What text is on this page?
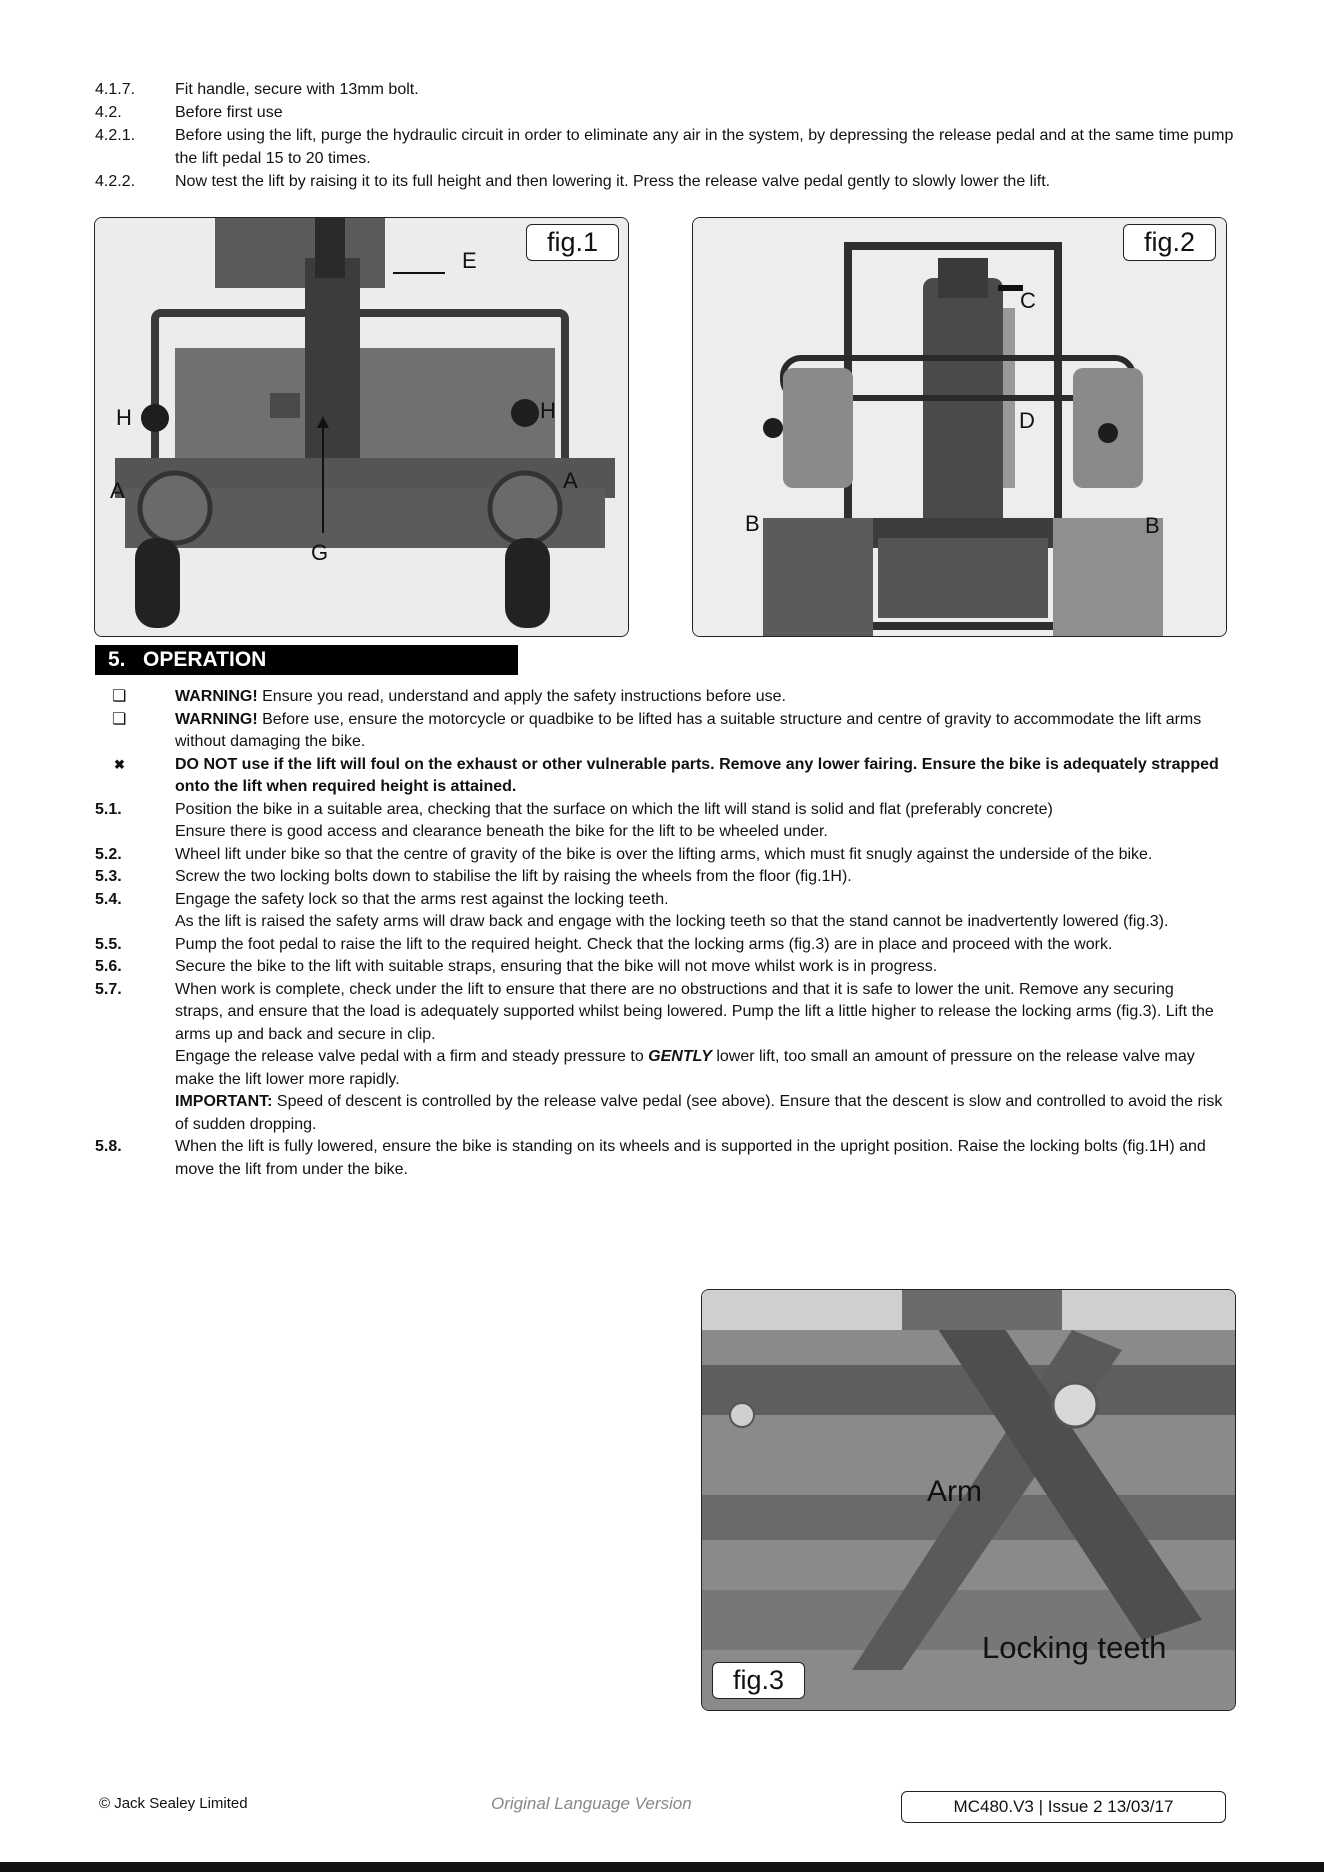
4.1.7.	Fit handle, secure with 13mm bolt.
4.2.	Before first use
4.2.1.	Before using the lift, purge the hydraulic circuit in order to eliminate any air in the system, by depressing the release pedal and at the same time pump the lift pedal 15 to 20 times.
4.2.2.	Now test the lift by raising it to its full height and then lowering it. Press the release valve pedal gently to slowly lower the lift.
fig.1
E
H	H
A	A
G
fig.2
C
D
B	B
5. OPERATION
❏	WARNING! Ensure you read, understand and apply the safety instructions before use.
❏	WARNING! Before use, ensure the motorcycle or quadbike to be lifted has a suitable structure and centre of gravity to accommodate the lift arms without damaging the bike.
✖	DO NOT use if the lift will foul on the exhaust or other vulnerable parts. Remove any lower fairing. Ensure the bike is adequately strapped onto the lift when required height is attained.
5.1.	Position the bike in a suitable area, checking that the surface on which the lift will stand is solid and flat (preferably concrete)
Ensure there is good access and clearance beneath the bike for the lift to be wheeled under.
5.2.	Wheel lift under bike so that the centre of gravity of the bike is over the lifting arms, which must fit snugly against the underside of the bike.
5.3.	Screw the two locking bolts down to stabilise the lift by raising the wheels from the floor (fig.1H).
5.4.	Engage the safety lock so that the arms rest against the locking teeth.
As the lift is raised the safety arms will draw back and engage with the locking teeth so that the stand cannot be inadvertently lowered (fig.3).
5.5.	Pump the foot pedal to raise the lift to the required height. Check that the locking arms (fig.3) are in place and proceed with the work.
5.6.	Secure the bike to the lift with suitable straps, ensuring that the bike will not move whilst work is in progress.
5.7.	When work is complete, check under the lift to ensure that there are no obstructions and that it is safe to lower the unit. Remove any securing straps, and ensure that the load is adequately supported whilst being lowered. Pump the lift a little higher to release the locking arms (fig.3). Lift the arms up and back and secure in clip.
Engage the release valve pedal with a firm and steady pressure to GENTLY lower lift, too small an amount of pressure on the release valve may make the lift lower more rapidly.
IMPORTANT: Speed of descent is controlled by the release valve pedal (see above). Ensure that the descent is slow and controlled to avoid the risk of sudden dropping.
5.8.	When the lift is fully lowered, ensure the bike is standing on its wheels and is supported in the upright position. Raise the locking bolts (fig.1H) and move the lift from under the bike.
fig.3
Arm
Locking teeth
© Jack Sealey Limited	Original Language Version	MC480.V3 | Issue 2 13/03/17
